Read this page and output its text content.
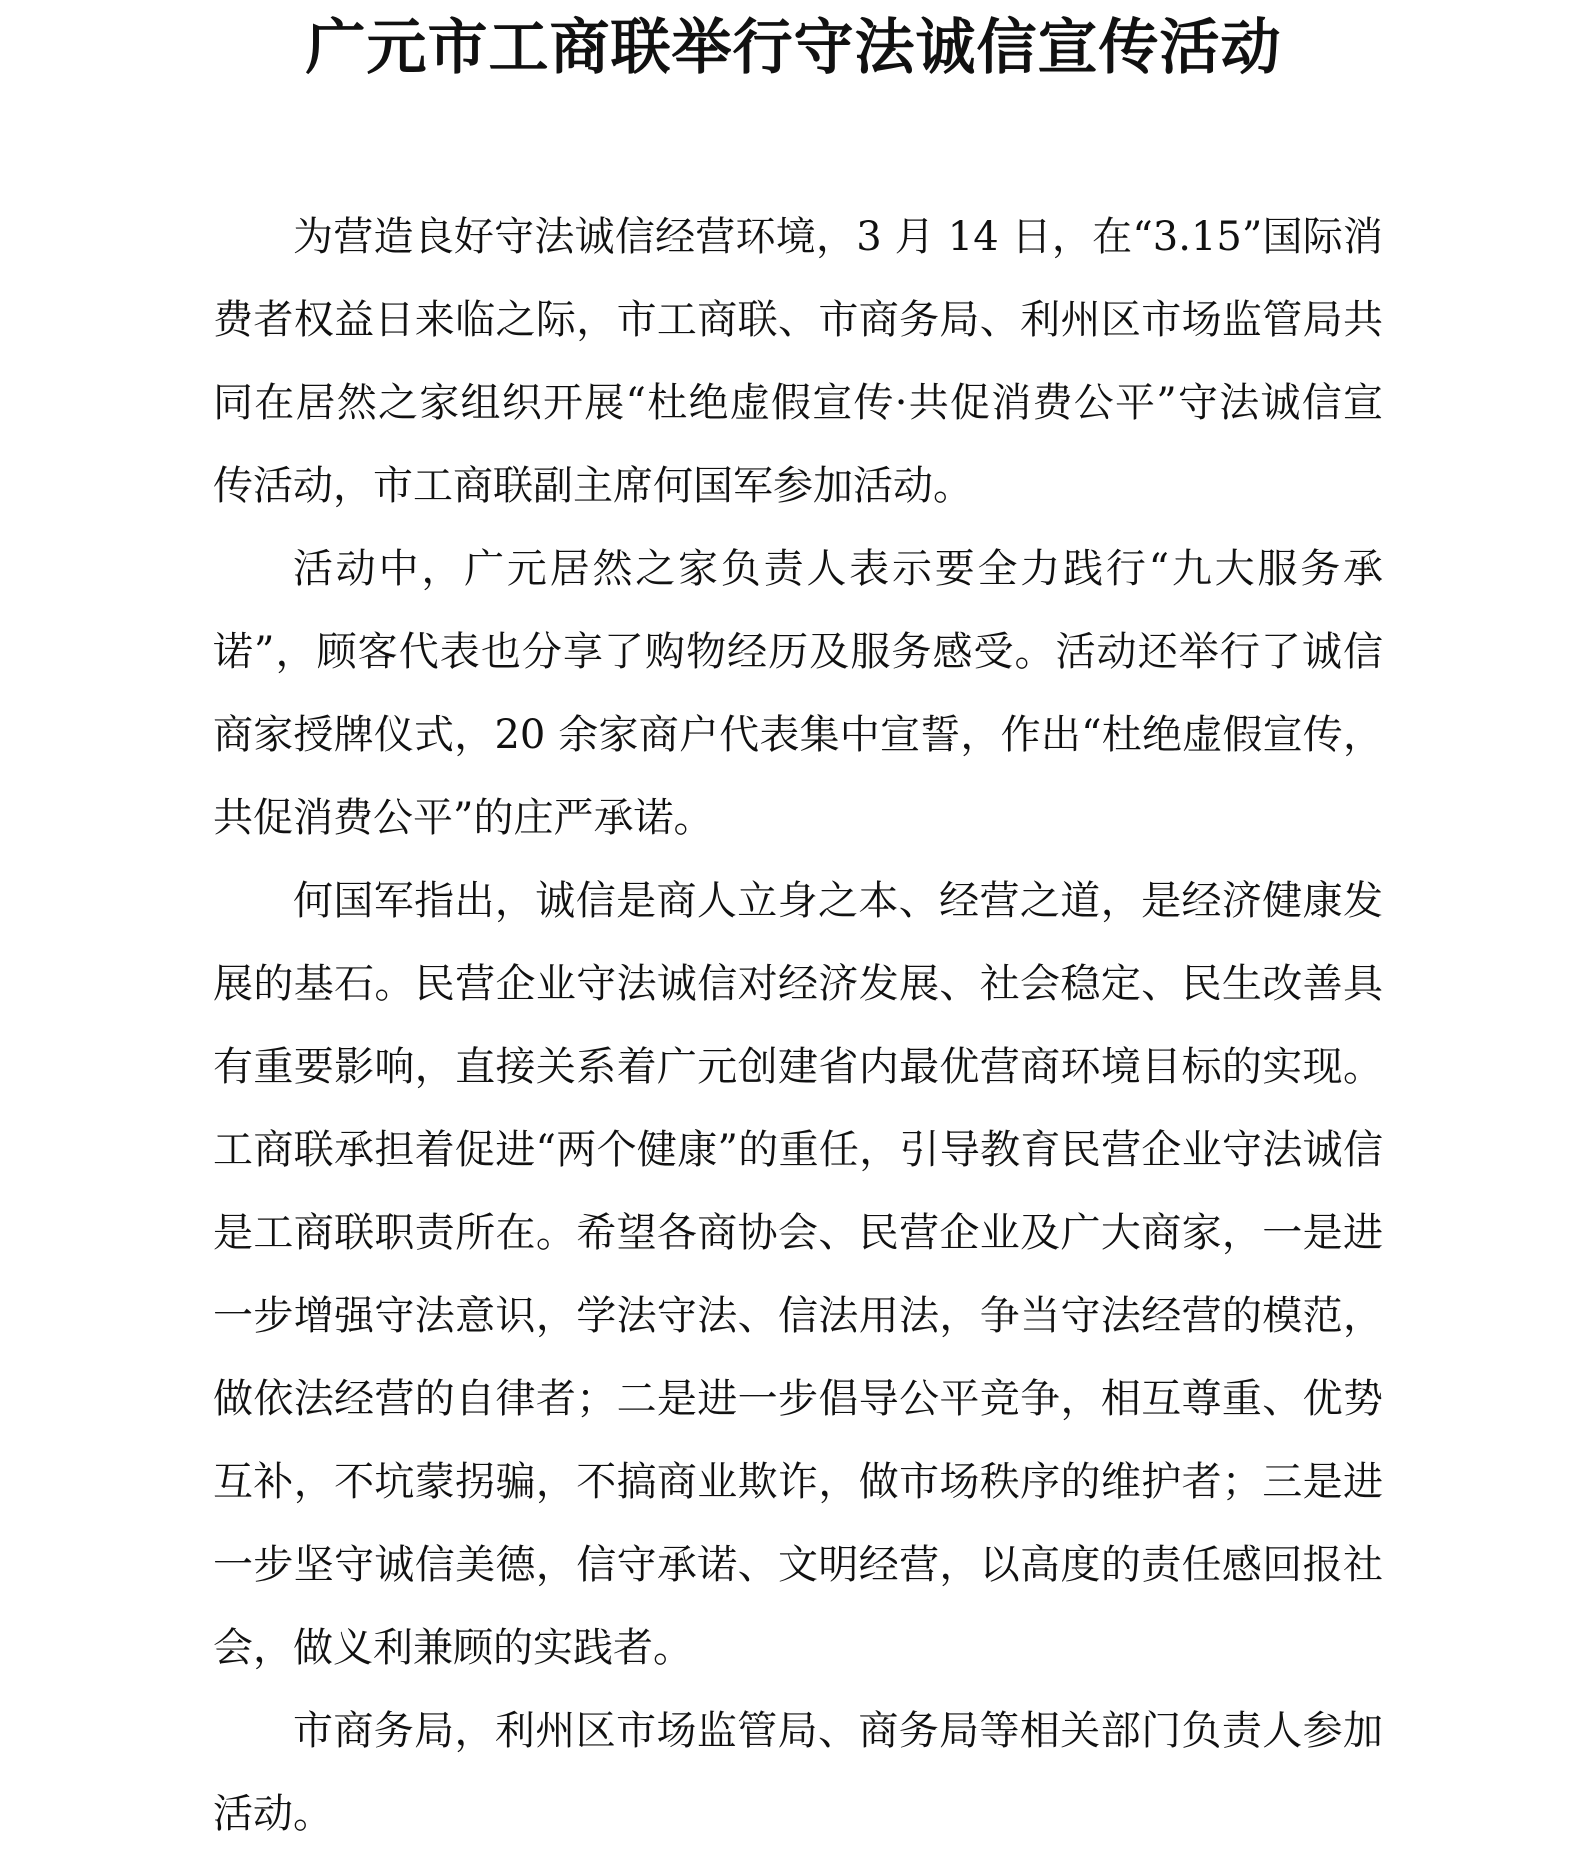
广元市工商联举行守法诚信宣传活动

为营造良好守法诚信经营环境，3 月 14 日，在“3.15”国际消费者权益日来临之际，市工商联、市商务局、利州区市场监管局共同在居然之家组织开展“杜绝虚假宣传·共促消费公平”守法诚信宣传活动，市工商联副主席何国军参加活动。

活动中，广元居然之家负责人表示要全力践行“九大服务承诺”，顾客代表也分享了购物经历及服务感受。活动还举行了诚信商家授牌仪式，20 余家商户代表集中宣誓，作出“杜绝虚假宣传，共促消费公平”的庄严承诺。

何国军指出，诚信是商人立身之本、经营之道，是经济健康发展的基石。民营企业守法诚信对经济发展、社会稳定、民生改善具有重要影响，直接关系着广元创建省内最优营商环境目标的实现。工商联承担着促进“两个健康”的重任，引导教育民营企业守法诚信是工商联职责所在。希望各商协会、民营企业及广大商家，一是进一步增强守法意识，学法守法、信法用法，争当守法经营的模范，做依法经营的自律者；二是进一步倡导公平竞争，相互尊重、优势互补，不坑蒙拐骗，不搞商业欺诈，做市场秩序的维护者；三是进一步坚守诚信美德，信守承诺、文明经营，以高度的责任感回报社会，做义利兼顾的实践者。

市商务局，利州区市场监管局、商务局等相关部门负责人参加活动。
